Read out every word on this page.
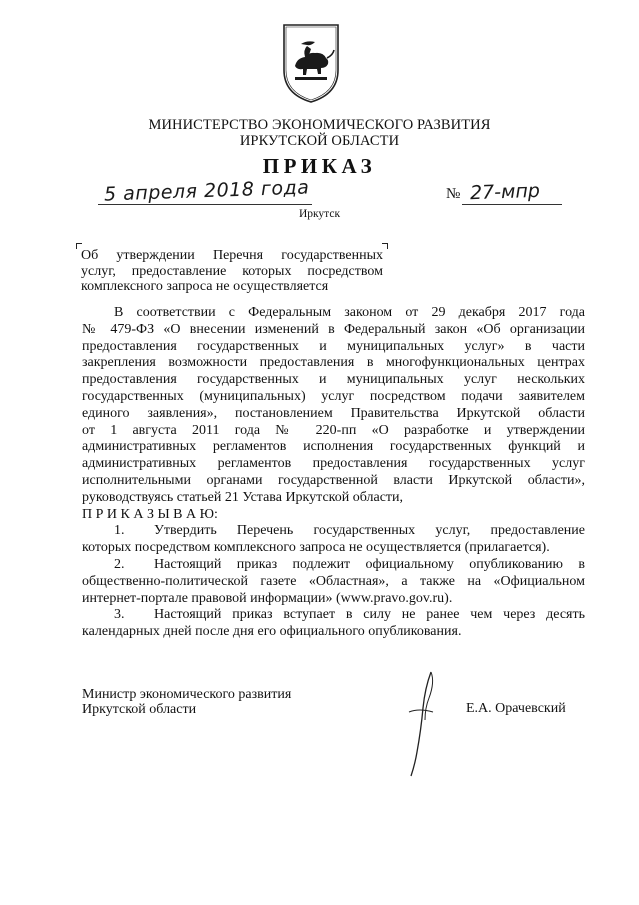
МИНИСТЕРСТВО ЭКОНОМИЧЕСКОГО РАЗВИТИЯ
ИРКУТСКОЙ ОБЛАСТИ
ПРИКАЗ
5 апреля 2018 года	№ 27-мпр
Иркутск
Об утверждении Перечня государственных
услуг, предоставление которых посредством
комплексного запроса не осуществляется
В соответствии с Федеральным законом от 29 декабря 2017 года
№ 479-ФЗ «О внесении изменений в Федеральный закон «Об организации
предоставления государственных и муниципальных услуг» в части
закрепления возможности предоставления в многофункциональных центрах
предоставления государственных и муниципальных услуг нескольких
государственных (муниципальных) услуг посредством подачи заявителем
единого заявления», постановлением Правительства Иркутской области
от 1 августа 2011 года № 220-пп «О разработке и утверждении
административных регламентов исполнения государственных функций и
административных регламентов предоставления государственных услуг
исполнительными органами государственной власти Иркутской области»,
руководствуясь статьей 21 Устава Иркутской области,
П Р И К А З Ы В А Ю:
1. Утвердить Перечень государственных услуг, предоставление
которых посредством комплексного запроса не осуществляется (прилагается).
2. Настоящий приказ подлежит официальному опубликованию в
общественно-политической газете «Областная», а также на «Официальном
интернет-портале правовой информации» (www.pravo.gov.ru).
3. Настоящий приказ вступает в силу не ранее чем через десять
календарных дней после дня его официального опубликования.
Министр экономического развития
Иркутской области	Е.А. Орачевский
